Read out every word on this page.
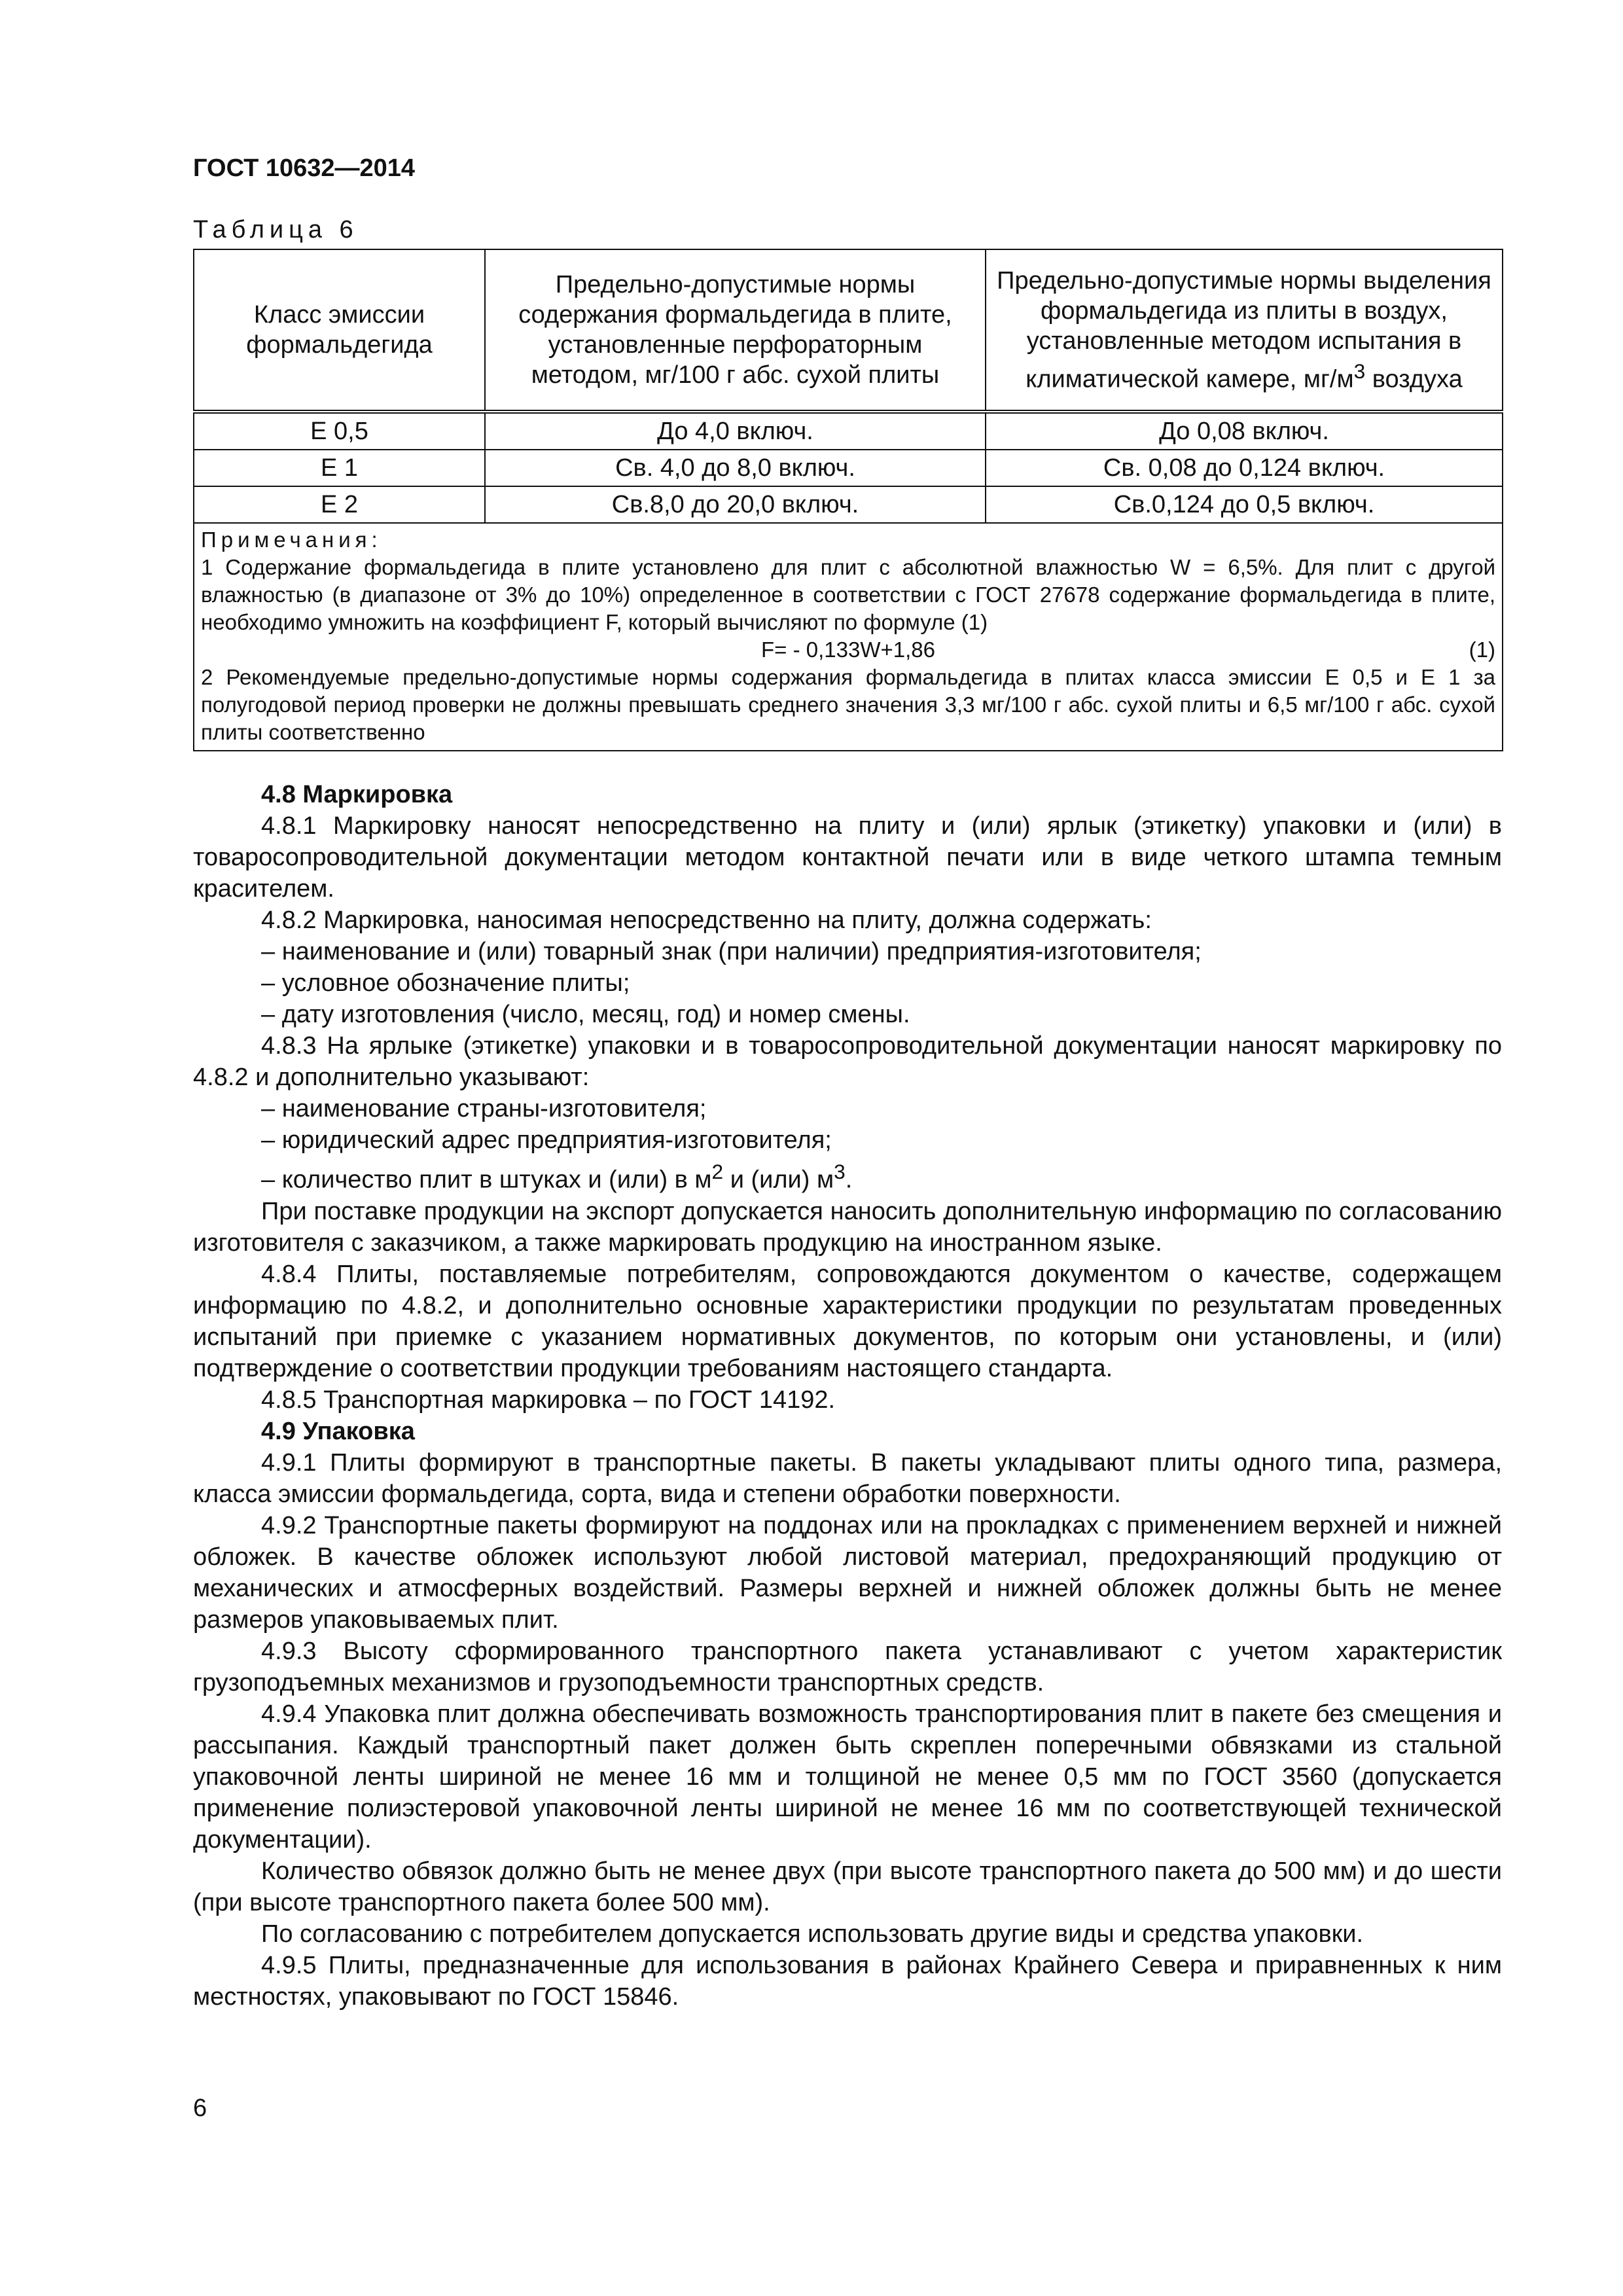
ГОСТ 10632—2014
Таблица 6
Класс эмиссии формальдегида	Предельно-допустимые нормы содержания формальдегида в плите, установленные перфораторным методом, мг/100 г абс. сухой плиты	Предельно-допустимые нормы выделения формальдегида из плиты в воздух, установленные методом испытания в климатической камере, $мг/м^3$ воздуха
Е 0,5	До 4,0 включ.	До 0,08 включ.
Е 1	Св. 4,0 до 8,0 включ.	Св. 0,08 до 0,124 включ.
Е 2	Св.8,0 до 20,0 включ.	Св.0,124 до 0,5 включ.

Примечания:
1 Содержание формальдегида в плите установлено для плит с абсолютной влажностью W = 6,5%. Для плит с другой влажностью (в диапазоне от 3% до 10%) определенное в соответствии с ГОСТ 27678 содержание формальдегида в плите, необходимо умножить на коэффициент F, который вычисляют по формуле (1)
F= - 0,133W+1,86 (1)
2 Рекомендуемые предельно-допустимые нормы содержания формальдегида в плитах класса эмиссии Е 0,5 и Е 1 за полугодовой период проверки не должны превышать среднего значения 3,3 мг/100 г абс. сухой плиты и 6,5 мг/100 г абс. сухой плиты соответственно		

4.8 Маркировка

4.8.1 Маркировку наносят непосредственно на плиту и (или) ярлык (этикетку) упаковки и (или) в товаросопроводительной документации методом контактной печати или в виде четкого штампа темным красителем.

4.8.2 Маркировка, наносимая непосредственно на плиту, должна содержать:

– наименование и (или) товарный знак (при наличии) предприятия-изготовителя;

– условное обозначение плиты;

– дату изготовления (число, месяц, год) и номер смены.

4.8.3 На ярлыке (этикетке) упаковки и в товаросопроводительной документации наносят маркировку по 4.8.2 и дополнительно указывают:

– наименование страны-изготовителя;

– юридический адрес предприятия-изготовителя;

– количество плит в штуках и (или) в $м^2$ и (или) $м^3$.

При поставке продукции на экспорт допускается наносить дополнительную информацию по согласованию изготовителя с заказчиком, а также маркировать продукцию на иностранном языке.

4.8.4 Плиты, поставляемые потребителям, сопровождаются документом о качестве, содержащем информацию по 4.8.2, и дополнительно основные характеристики продукции по результатам проведенных испытаний при приемке с указанием нормативных документов, по которым они установлены, и (или) подтверждение о соответствии продукции требованиям настоящего стандарта.

4.8.5 Транспортная маркировка – по ГОСТ 14192.

4.9 Упаковка

4.9.1 Плиты формируют в транспортные пакеты. В пакеты укладывают плиты одного типа, размера, класса эмиссии формальдегида, сорта, вида и степени обработки поверхности.

4.9.2 Транспортные пакеты формируют на поддонах или на прокладках с применением верхней и нижней обложек. В качестве обложек используют любой листовой материал, предохраняющий продукцию от механических и атмосферных воздействий. Размеры верхней и нижней обложек должны быть не менее размеров упаковываемых плит.

4.9.3 Высоту сформированного транспортного пакета устанавливают с учетом характеристик грузоподъемных механизмов и грузоподъемности транспортных средств.

4.9.4 Упаковка плит должна обеспечивать возможность транспортирования плит в пакете без смещения и рассыпания. Каждый транспортный пакет должен быть скреплен поперечными обвязками из стальной упаковочной ленты шириной не менее 16 мм и толщиной не менее 0,5 мм по ГОСТ 3560 (допускается применение полиэстеровой упаковочной ленты шириной не менее 16 мм по соответствующей технической документации).

Количество обвязок должно быть не менее двух (при высоте транспортного пакета до 500 мм) и до шести (при высоте транспортного пакета более 500 мм).

По согласованию с потребителем допускается использовать другие виды и средства упаковки.

4.9.5 Плиты, предназначенные для использования в районах Крайнего Севера и приравненных к ним местностях, упаковывают по ГОСТ 15846.

6
